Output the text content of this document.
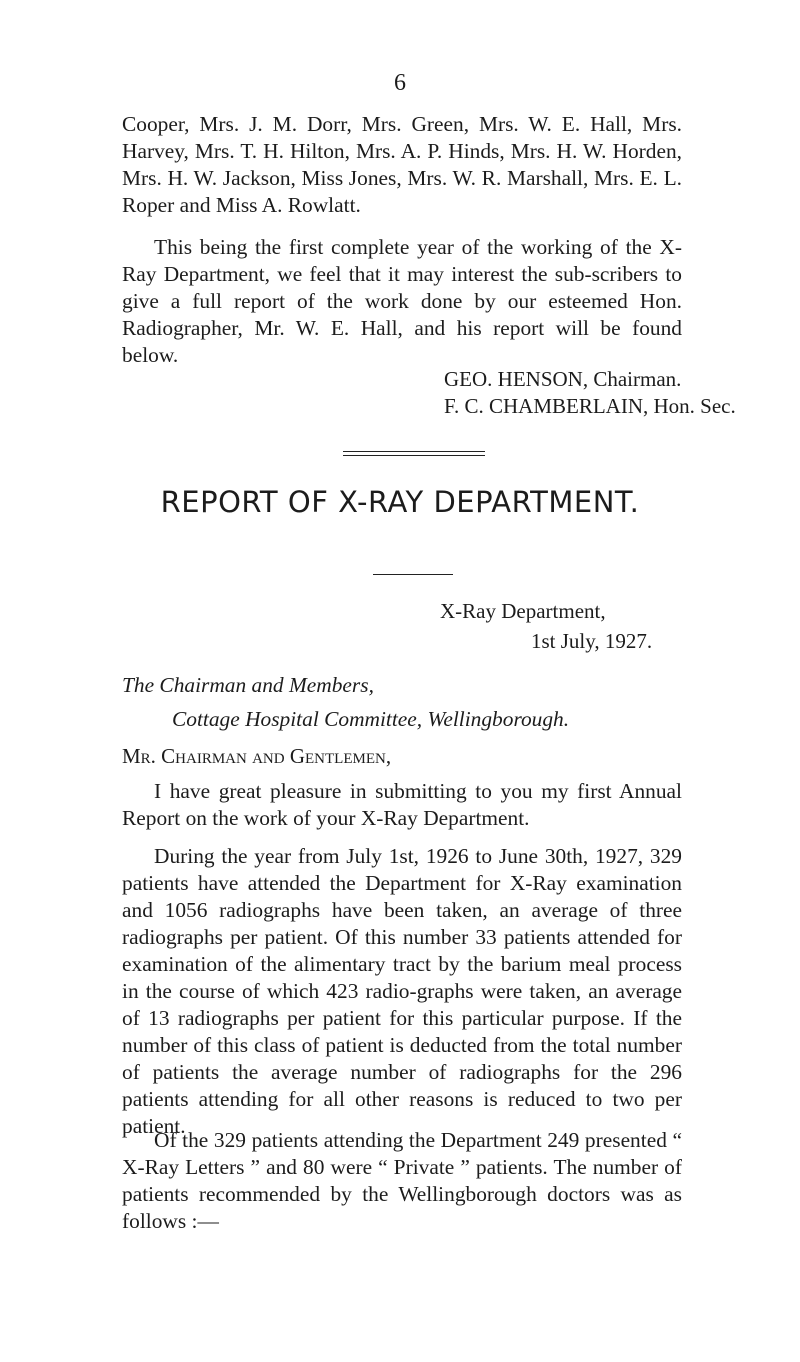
6

Cooper, Mrs. J. M. Dorr, Mrs. Green, Mrs. W. E. Hall, Mrs. Harvey, Mrs. T. H. Hilton, Mrs. A. P. Hinds, Mrs. H. W. Horden, Mrs. H. W. Jackson, Miss Jones, Mrs. W. R. Marshall, Mrs. E. L. Roper and Miss A. Rowlatt.

This being the first complete year of the working of the X-Ray Department, we feel that it may interest the sub-scribers to give a full report of the work done by our esteemed Hon. Radiographer, Mr. W. E. Hall, and his report will be found below.

GEO. HENSON, Chairman.
F. C. CHAMBERLAIN, Hon. Sec.
REPORT OF X-RAY DEPARTMENT.
X-Ray Department,
1st July, 1927.
The Chairman and Members,
Cottage Hospital Committee, Wellingborough.
Mr. Chairman and Gentlemen,

I have great pleasure in submitting to you my first Annual Report on the work of your X-Ray Department.

During the year from July 1st, 1926 to June 30th, 1927, 329 patients have attended the Department for X-Ray examination and 1056 radiographs have been taken, an average of three radiographs per patient. Of this number 33 patients attended for examination of the alimentary tract by the barium meal process in the course of which 423 radio-graphs were taken, an average of 13 radiographs per patient for this particular purpose. If the number of this class of patient is deducted from the total number of patients the average number of radiographs for the 296 patients attending for all other reasons is reduced to two per patient.

Of the 329 patients attending the Department 249 presented “ X-Ray Letters ” and 80 were “ Private ” patients. The number of patients recommended by the Wellingborough doctors was as follows :—
